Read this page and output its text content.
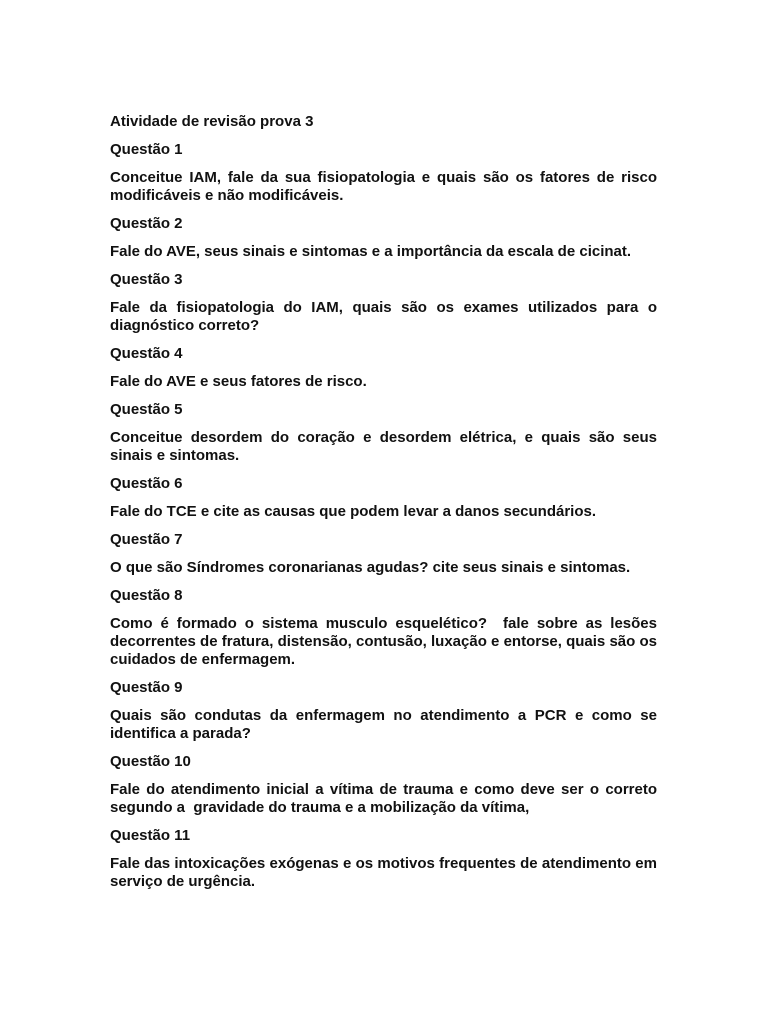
Atividade de revisão prova 3
Questão 1
Conceitue IAM, fale da sua fisiopatologia e quais são os fatores de risco modificáveis e não modificáveis.
Questão 2
Fale do AVE, seus sinais e sintomas e a importância da escala de cicinat.
Questão 3
Fale da fisiopatologia do IAM, quais são os exames utilizados para o diagnóstico correto?
Questão 4
Fale do AVE e seus fatores de risco.
Questão 5
Conceitue desordem do coração e desordem elétrica, e quais são seus sinais e sintomas.
Questão 6
Fale do TCE e cite as causas que podem levar a danos secundários.
Questão 7
O que são Síndromes coronarianas agudas? cite seus sinais e sintomas.
Questão 8
Como é formado o sistema musculo esquelético?  fale sobre as lesões decorrentes de fratura, distensão, contusão, luxação e entorse, quais são os cuidados de enfermagem.
Questão 9
Quais são condutas da enfermagem no atendimento a PCR e como se identifica a parada?
Questão 10
Fale do atendimento inicial a vítima de trauma e como deve ser o correto segundo a  gravidade do trauma e a mobilização da vítima,
Questão 11
Fale das intoxicações exógenas e os motivos frequentes de atendimento em serviço de urgência.
